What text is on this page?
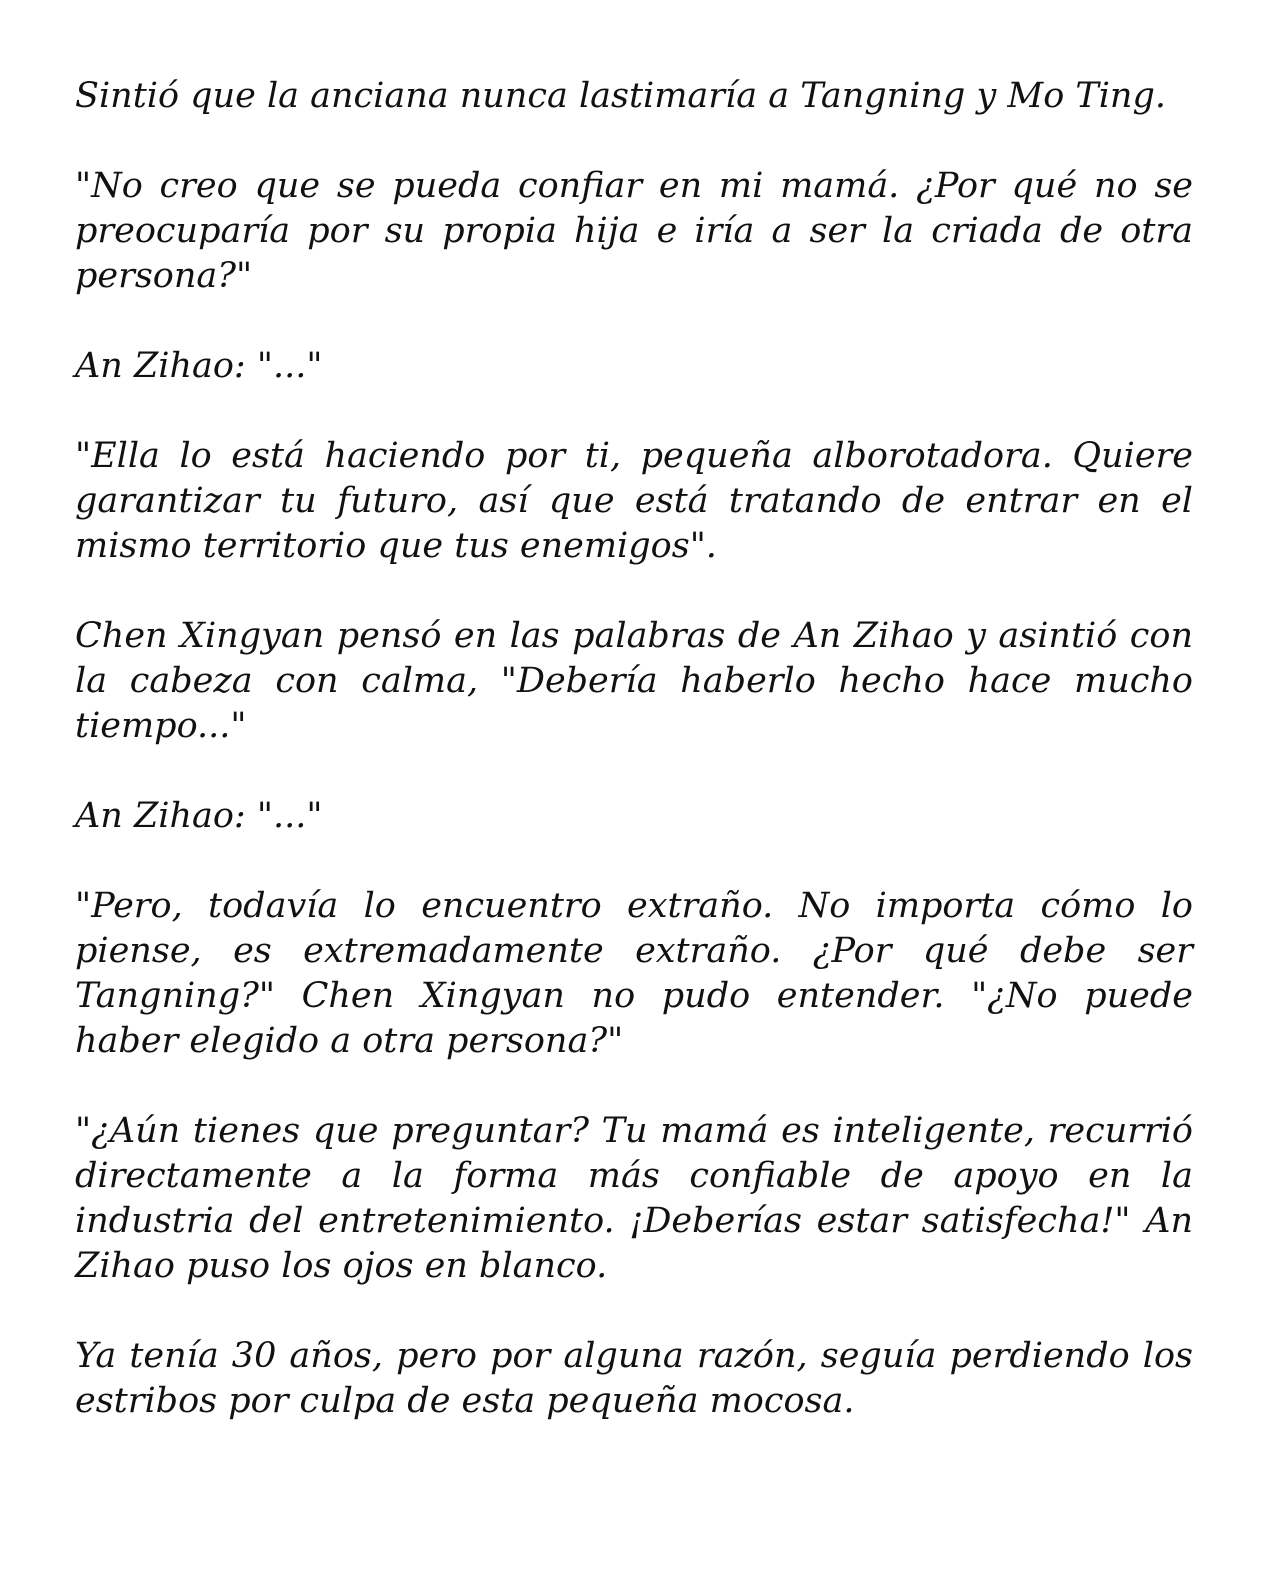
Sintió que la anciana nunca lastimaría a Tangning y Mo Ting.

"No creo que se pueda confiar en mi mamá. ¿Por qué no se preocuparía por su propia hija e iría a ser la criada de otra persona?"

An Zihao: "..."

"Ella lo está haciendo por ti, pequeña alborotadora. Quiere garantizar tu futuro, así que está tratando de entrar en el mismo territorio que tus enemigos".

Chen Xingyan pensó en las palabras de An Zihao y asintió con la cabeza con calma, "Debería haberlo hecho hace mucho tiempo..."

An Zihao: "..."

"Pero, todavía lo encuentro extraño. No importa cómo lo piense, es extremadamente extraño. ¿Por qué debe ser Tangning?" Chen Xingyan no pudo entender. "¿No puede haber elegido a otra persona?"

"¿Aún tienes que preguntar? Tu mamá es inteligente, recurrió directamente a la forma más confiable de apoyo en la industria del entretenimiento. ¡Deberías estar satisfecha!" An Zihao puso los ojos en blanco.

Ya tenía 30 años, pero por alguna razón, seguía perdiendo los estribos por culpa de esta pequeña mocosa.
